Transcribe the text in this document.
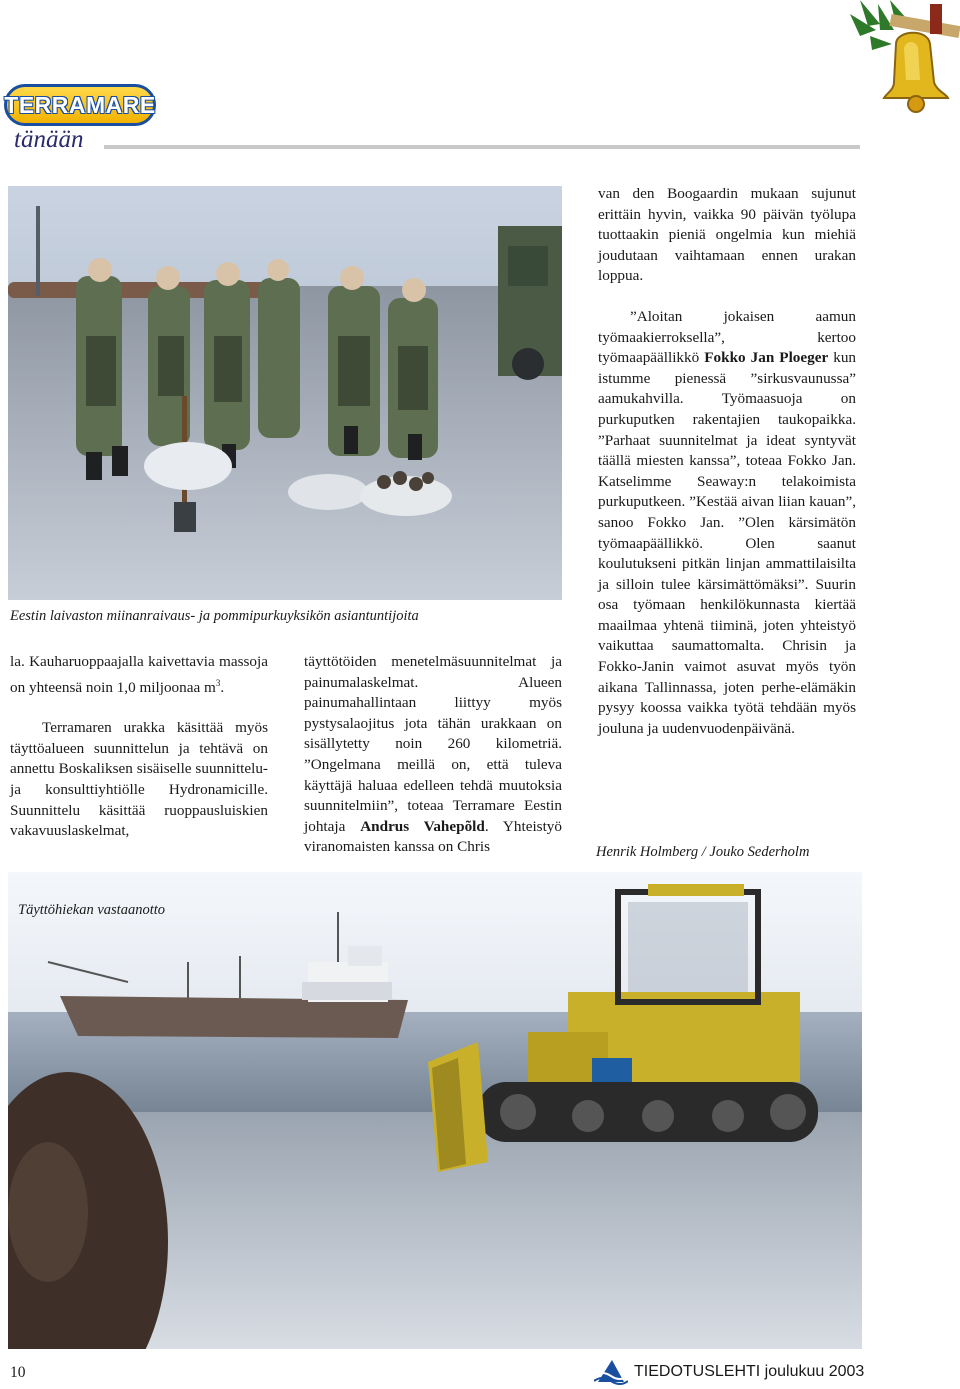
TERRAMARE
tänään
Eestin laivaston miinanraivaus- ja pommipurkuyksikön asiantuntijoita

la. Kauharuoppaajalla kaivettavia massoja on yhteensä noin 1,0 miljoonaa $m^3$.

Terramaren urakka käsittää myös täyttöalueen suunnittelun ja tehtävä on annettu Boskaliksen sisäiselle suunnittelu- ja konsulttiyhtiölle Hydronamicille. Suunnittelu käsittää ruoppausluiskien vakavuuslaskelmat,

täyttötöiden menetelmäsuunnitelmat ja painumalaskelmat. Alueen painumahallintaan liittyy myös pystysalaojitus jota tähän urakkaan on sisällytetty noin 260 kilometriä. ”Ongelmana meillä on, että tuleva käyttäjä haluaa edelleen tehdä muutoksia suunnitelmiin”, toteaa Terramare Eestin johtaja Andrus Vahepõld. Yhteistyö viranomaisten kanssa on Chris

van den Boogaardin mukaan sujunut erittäin hyvin, vaikka 90 päivän työlupa tuottaakin pieniä ongelmia kun miehiä joudutaan vaihtamaan ennen urakan loppua.

”Aloitan jokaisen aamun työmaakierroksella”, kertoo työmaapäällikkö Fokko Jan Ploeger kun istumme pienessä ”sirkusvaunussa” aamukahvilla. Työmaasuoja on purkuputken rakentajien taukopaikka. ”Parhaat suunnitelmat ja ideat syntyvät täällä miesten kanssa”, toteaa Fokko Jan. Katselimme Seaway:n telakoimista purkuputkeen. ”Kestää aivan liian kauan”, sanoo Fokko Jan. ”Olen kärsimätön työmaapäällikkö. Olen saanut koulutukseni pitkän linjan ammattilaisilta ja silloin tulee kärsimättömäksi”. Suurin osa työmaan henkilökunnasta kiertää maailmaa yhtenä tiiminä, joten yhteistyö vaikuttaa saumattomalta. Chrisin ja Fokko-Janin vaimot asuvat myös työn aikana Tallinnassa, joten perhe-elämäkin pysyy koossa vaikka työtä tehdään myös jouluna ja uudenvuodenpäivänä.

Henrik Holmberg / Jouko Sederholm
Täyttöhiekan vastaanotto
10	TIEDOTUSLEHTI joulukuu 2003
